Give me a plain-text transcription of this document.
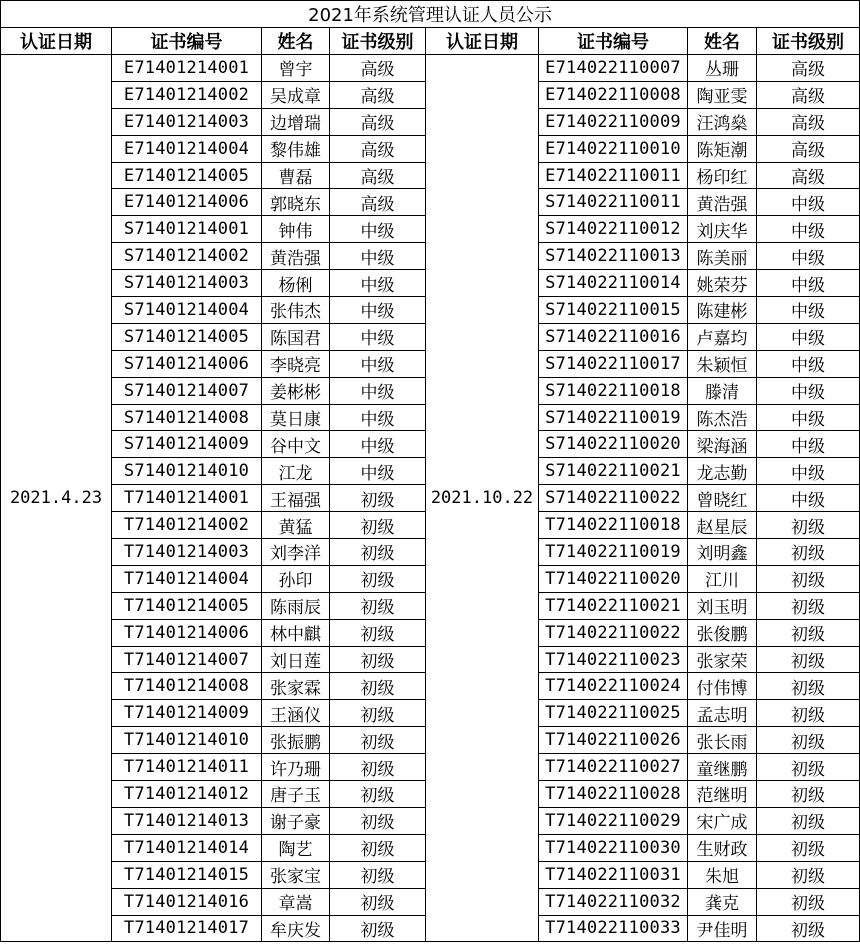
2021年系统管理认证人员公示							
认证日期	证书编号	姓名	证书级别	认证日期	证书编号	姓名	证书级别
2021.4.23	E71401214001	曾宇	高级	2021.10.22	E714022110007	丛珊	高级
	E71401214002	吴成章	高级		E714022110008	陶亚雯	高级
	E71401214003	边增瑞	高级		E714022110009	汪鸿燊	高级
	E71401214004	黎伟雄	高级		E714022110010	陈矩潮	高级
	E71401214005	曹磊	高级		E714022110011	杨印红	高级
	E71401214006	郭晓东	高级		S714022110011	黄浩强	中级
	S71401214001	钟伟	中级		S714022110012	刘庆华	中级
	S71401214002	黄浩强	中级		S714022110013	陈美丽	中级
	S71401214003	杨俐	中级		S714022110014	姚荣芬	中级
	S71401214004	张伟杰	中级		S714022110015	陈建彬	中级
	S71401214005	陈国君	中级		S714022110016	卢嘉均	中级
	S71401214006	李晓亮	中级		S714022110017	朱颖恒	中级
	S71401214007	姜彬彬	中级		S714022110018	滕清	中级
	S71401214008	莫日康	中级		S714022110019	陈杰浩	中级
	S71401214009	谷中文	中级		S714022110020	梁海涵	中级
	S71401214010	江龙	中级		S714022110021	龙志勤	中级
	T71401214001	王福强	初级		S714022110022	曾晓红	中级
	T71401214002	黄猛	初级		T714022110018	赵星辰	初级
	T71401214003	刘李洋	初级		T714022110019	刘明鑫	初级
	T71401214004	孙印	初级		T714022110020	江川	初级
	T71401214005	陈雨辰	初级		T714022110021	刘玉明	初级
	T71401214006	林中麒	初级		T714022110022	张俊鹏	初级
	T71401214007	刘日莲	初级		T714022110023	张家荣	初级
	T71401214008	张家霖	初级		T714022110024	付伟博	初级
	T71401214009	王涵仪	初级		T714022110025	孟志明	初级
	T71401214010	张振鹏	初级		T714022110026	张长雨	初级
	T71401214011	许乃珊	初级		T714022110027	童继鹏	初级
	T71401214012	唐子玉	初级		T714022110028	范继明	初级
	T71401214013	谢子豪	初级		T714022110029	宋广成	初级
	T71401214014	陶艺	初级		T714022110030	生财政	初级
	T71401214015	张家宝	初级		T714022110031	朱旭	初级
	T71401214016	章嵩	初级		T714022110032	龚克	初级
	T71401214017	牟庆发	初级		T714022110033	尹佳明	初级
